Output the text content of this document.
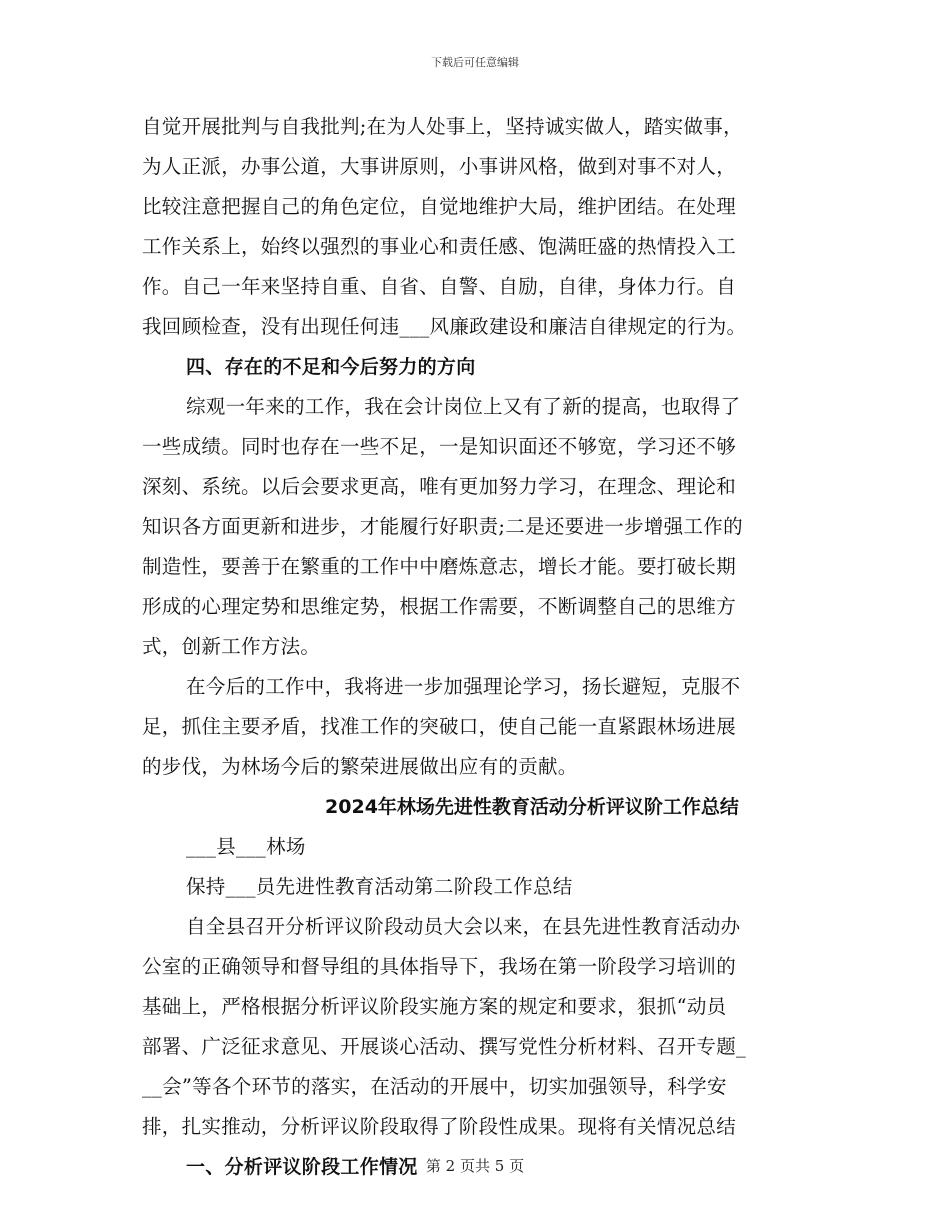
下载后可任意编辑
自觉开展批判与自我批判;在为人处事上，坚持诚实做人，踏实做事，
为人正派，办事公道，大事讲原则，小事讲风格，做到对事不对人，
比较注意把握自己的角色定位，自觉地维护大局，维护团结。在处理
工作关系上，始终以强烈的事业心和责任感、饱满旺盛的热情投入工
作。自己一年来坚持自重、自省、自警、自励，自律，身体力行。自
我回顾检查，没有出现任何违___风廉政建设和廉洁自律规定的行为。
四、存在的不足和今后努力的方向
综观一年来的工作，我在会计岗位上又有了新的提高，也取得了
一些成绩。同时也存在一些不足，一是知识面还不够宽，学习还不够
深刻、系统。以后会要求更高，唯有更加努力学习，在理念、理论和
知识各方面更新和进步，才能履行好职责;二是还要进一步增强工作的
制造性，要善于在繁重的工作中中磨炼意志，增长才能。要打破长期
形成的心理定势和思维定势，根据工作需要，不断调整自己的思维方
式，创新工作方法。
在今后的工作中，我将进一步加强理论学习，扬长避短，克服不
足，抓住主要矛盾，找准工作的突破口，使自己能一直紧跟林场进展
的步伐，为林场今后的繁荣进展做出应有的贡献。
2024年林场先进性教育活动分析评议阶工作总结
___县___林场
保持___员先进性教育活动第二阶段工作总结
自全县召开分析评议阶段动员大会以来，在县先进性教育活动办
公室的正确领导和督导组的具体指导下，我场在第一阶段学习培训的
基础上，严格根据分析评议阶段实施方案的规定和要求，狠抓“动员
部署、广泛征求意见、开展谈心活动、撰写党性分析材料、召开专题_
__会”等各个环节的落实，在活动的开展中，切实加强领导，科学安
排，扎实推动，分析评议阶段取得了阶段性成果。现将有关情况总结
一、分析评议阶段工作情况 第 2 页共 5 页
